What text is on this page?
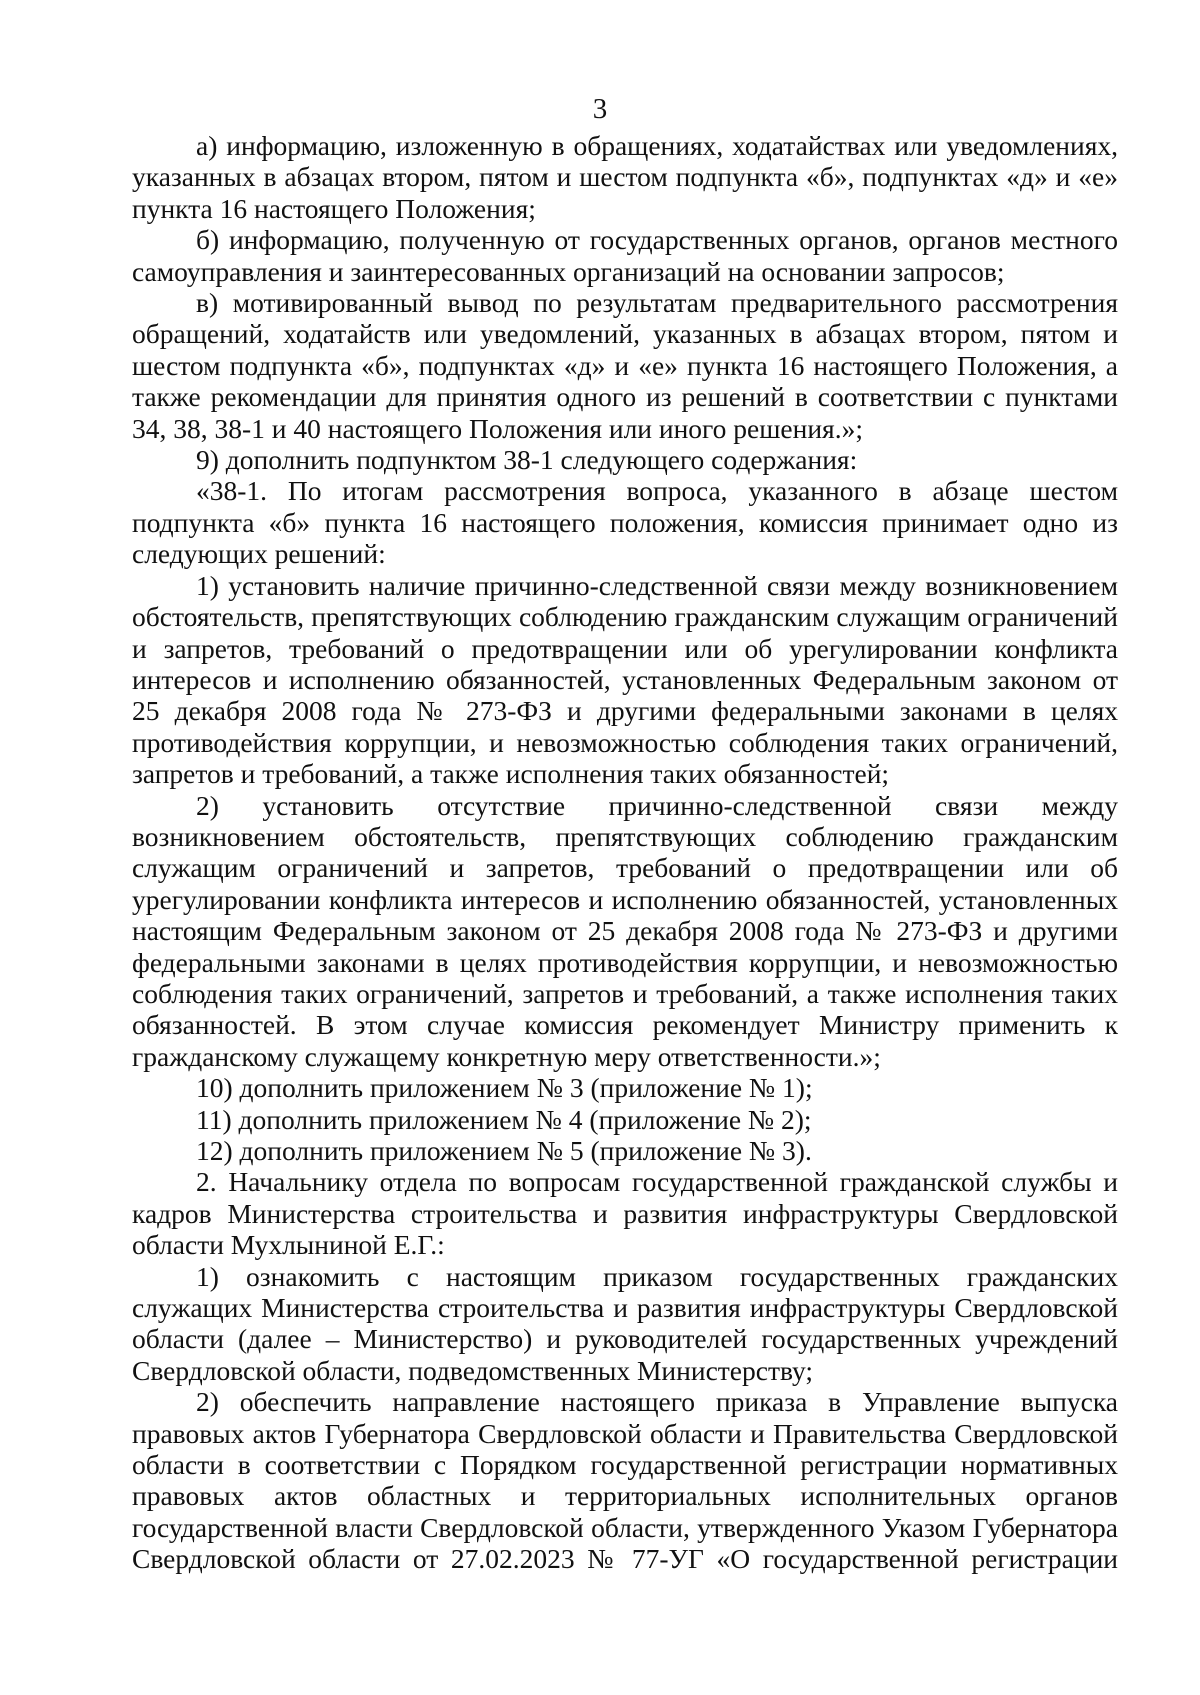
3

а) информацию, изложенную в обращениях, ходатайствах или уведомлениях, указанных в абзацах втором, пятом и шестом подпункта «б», подпунктах «д» и «е» пункта 16 настоящего Положения;

б) информацию, полученную от государственных органов, органов местного самоуправления и заинтересованных организаций на основании запросов;

в) мотивированный вывод по результатам предварительного рассмотрения обращений, ходатайств или уведомлений, указанных в абзацах втором, пятом и шестом подпункта «б», подпунктах «д» и «е» пункта 16 настоящего Положения, а также рекомендации для принятия одного из решений в соответствии с пунктами 34, 38, 38-1 и 40 настоящего Положения или иного решения.»;

9) дополнить подпунктом 38-1 следующего содержания:

«38-1. По итогам рассмотрения вопроса, указанного в абзаце шестом подпункта «б» пункта 16 настоящего положения, комиссия принимает одно из следующих решений:

1) установить наличие причинно-следственной связи между возникновением обстоятельств, препятствующих соблюдению гражданским служащим ограничений и запретов, требований о предотвращении или об урегулировании конфликта интересов и исполнению обязанностей, установленных Федеральным законом от 25 декабря 2008 года № 273-ФЗ и другими федеральными законами в целях противодействия коррупции, и невозможностью соблюдения таких ограничений, запретов и требований, а также исполнения таких обязанностей;

2) установить отсутствие причинно-следственной связи между возникновением обстоятельств, препятствующих соблюдению гражданским служащим ограничений и запретов, требований о предотвращении или об урегулировании конфликта интересов и исполнению обязанностей, установленных настоящим Федеральным законом от 25 декабря 2008 года № 273-ФЗ и другими федеральными законами в целях противодействия коррупции, и невозможностью соблюдения таких ограничений, запретов и требований, а также исполнения таких обязанностей. В этом случае комиссия рекомендует Министру применить к гражданскому служащему конкретную меру ответственности.»;

10) дополнить приложением № 3 (приложение № 1);

11) дополнить приложением № 4 (приложение № 2);

12) дополнить приложением № 5 (приложение № 3).

2. Начальнику отдела по вопросам государственной гражданской службы и кадров Министерства строительства и развития инфраструктуры Свердловской области Мухлыниной Е.Г.:

1) ознакомить с настоящим приказом государственных гражданских служащих Министерства строительства и развития инфраструктуры Свердловской области (далее – Министерство) и руководителей государственных учреждений Свердловской области, подведомственных Министерству;

2) обеспечить направление настоящего приказа в Управление выпуска правовых актов Губернатора Свердловской области и Правительства Свердловской области в соответствии с Порядком государственной регистрации нормативных правовых актов областных и территориальных исполнительных органов государственной власти Свердловской области, утвержденного Указом Губернатора Свердловской области от 27.02.2023 № 77-УГ «О государственной регистрации
